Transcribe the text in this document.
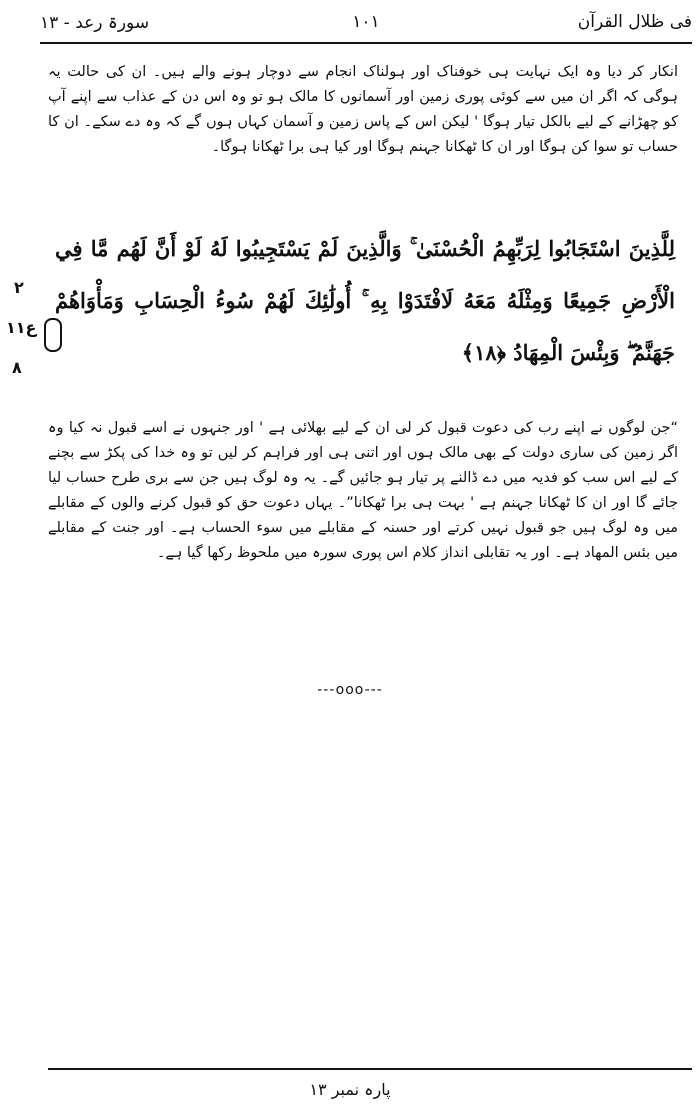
فی ظلال القرآن
۱۰۱
سورۃ رعد - ۱۳
انکار کر دیا وہ ایک نہایت ہی خوفناک اور ہولناک انجام سے دوچار ہونے والے ہیں۔ ان کی حالت یہ ہوگی کہ اگر ان میں سے کوئی پوری زمین اور آسمانوں کا مالک ہو تو وہ اس دن کے عذاب سے اپنے آپ کو چھڑانے کے لیے بالکل تیار ہوگا ' لیکن اس کے پاس زمین و آسمان کہاں ہوں گے کہ وہ دے سکے۔ ان کا حساب تو سوا کن ہوگا اور ان کا ٹھکانا جہنم ہوگا اور کیا ہی برا ٹھکانا ہوگا۔
لِلَّذِينَ اسْتَجَابُوا لِرَبِّهِمُ الْحُسْنَىٰ ۚ وَالَّذِينَ لَمْ يَسْتَجِيبُوا لَهُ لَوْ أَنَّ لَهُم مَّا فِي الْأَرْضِ جَمِيعًا وَمِثْلَهُ مَعَهُ لَافْتَدَوْا بِهِ ۚ أُولَٰئِكَ لَهُمْ سُوءُ الْحِسَابِ وَمَأْوَاهُمْ جَهَنَّمُ ۖ وَبِئْسَ الْمِهَادُ ﴿١٨﴾
۲
۱۱ع
۸
“جن لوگوں نے اپنے رب کی دعوت قبول کر لی ان کے لیے بھلائی ہے ' اور جنہوں نے اسے قبول نہ کیا وہ اگر زمین کی ساری دولت کے بھی مالک ہوں اور اتنی ہی اور فراہم کر لیں تو وہ خدا کی پکڑ سے بچنے کے لیے اس سب کو فدیہ میں دے ڈالنے پر تیار ہو جائیں گے۔ یہ وہ لوگ ہیں جن سے بری طرح حساب لیا جائے گا اور ان کا ٹھکانا جہنم ہے ' بہت ہی برا ٹھکانا”۔ یہاں دعوت حق کو قبول کرنے والوں کے مقابلے میں وہ لوگ ہیں جو قبول نہیں کرتے اور حسنہ کے مقابلے میں سوء الحساب ہے۔ اور جنت کے مقابلے میں بئس المھاد ہے۔ اور یہ تقابلی انداز کلام اس پوری سورہ میں ملحوظ رکھا گیا ہے۔
---ooo---
پارہ نمبر ۱۳
